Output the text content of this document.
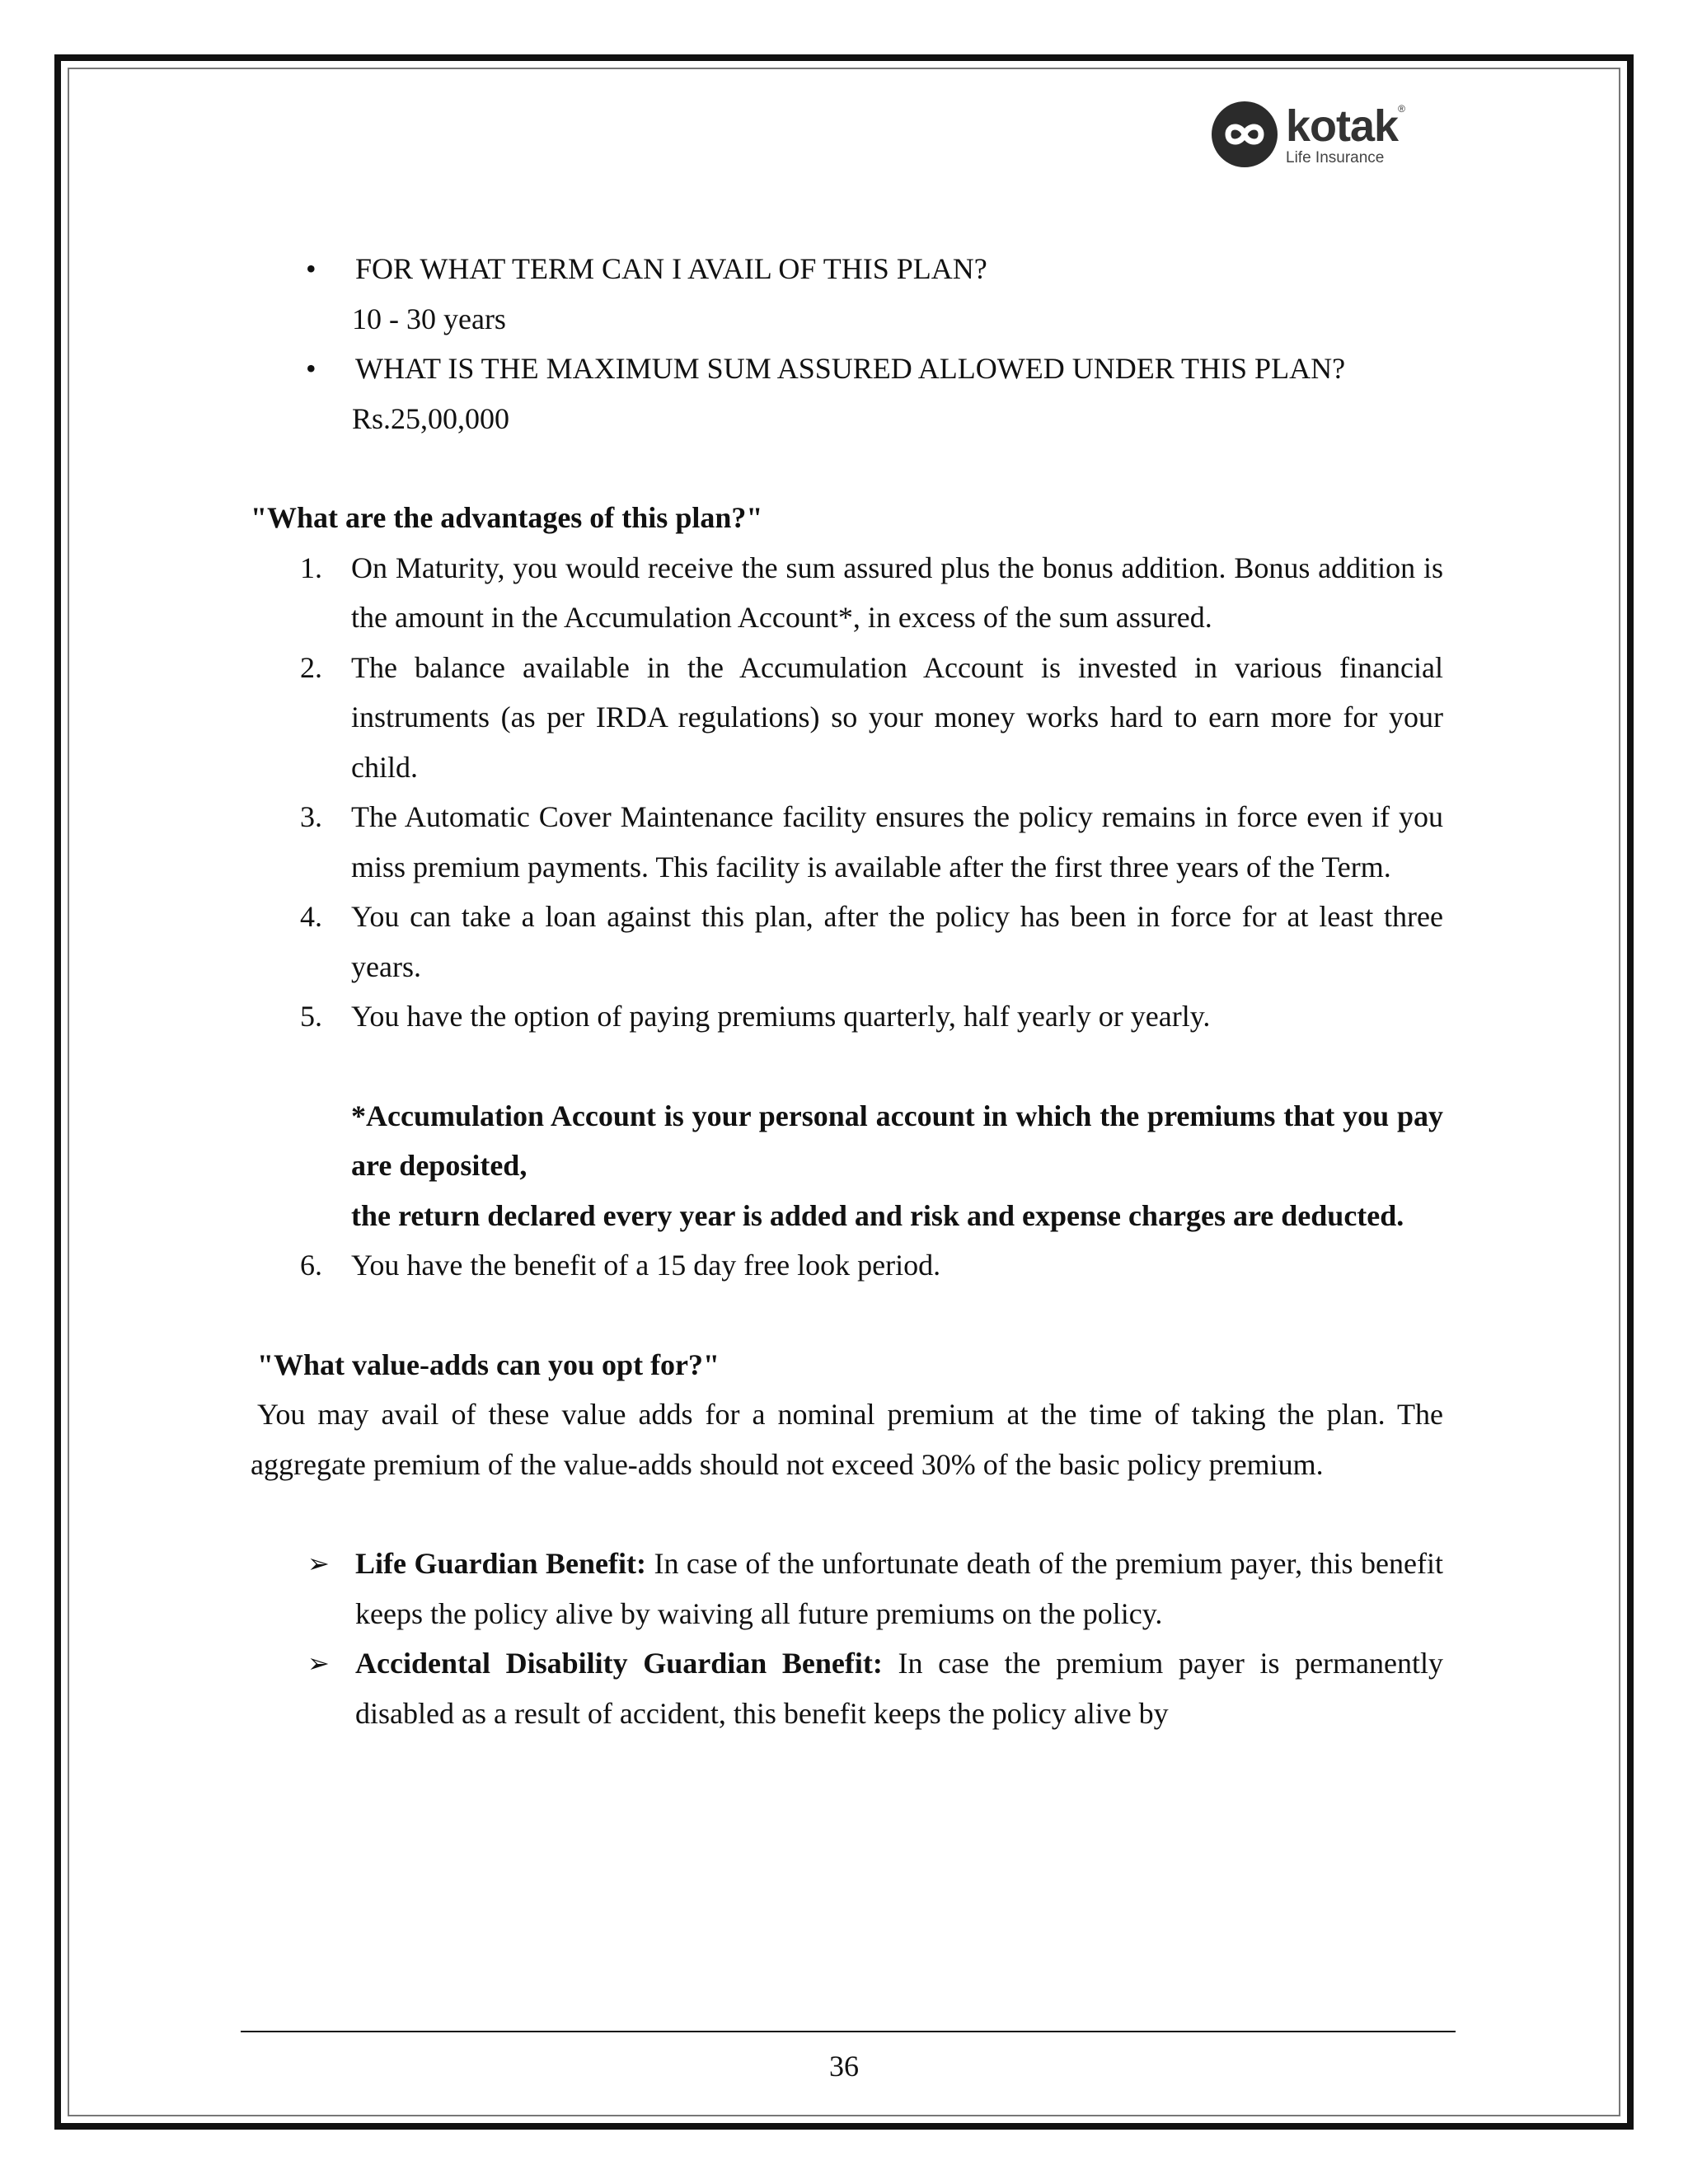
kotak®
Life Insurance
• FOR WHAT TERM CAN I AVAIL OF THIS PLAN?
10 - 30 years
• WHAT IS THE MAXIMUM SUM ASSURED ALLOWED UNDER THIS PLAN?
Rs.25,00,000

"What are the advantages of this plan?"

1. On Maturity, you would receive the sum assured plus the bonus addition. Bonus addition is the amount in the Accumulation Account*, in excess of the sum assured.
2. The balance available in the Accumulation Account is invested in various financial instruments (as per IRDA regulations) so your money works hard to earn more for your child.
3. The Automatic Cover Maintenance facility ensures the policy remains in force even if you miss premium payments. This facility is available after the first three years of the Term.
4. You can take a loan against this plan, after the policy has been in force for at least three years.
5. You have the option of paying premiums quarterly, half yearly or yearly.
*Accumulation Account is your personal account in which the premiums that you pay are deposited,
the return declared every year is added and risk and expense charges are deducted.
6. You have the benefit of a 15 day free look period.

"What value-adds can you opt for?"

You may avail of these value adds for a nominal premium at the time of taking the plan. The aggregate premium of the value-adds should not exceed 30% of the basic policy premium.

➢ Life Guardian Benefit: In case of the unfortunate death of the premium payer, this benefit keeps the policy alive by waiving all future premiums on the policy.
➢ Accidental Disability Guardian Benefit: In case the premium payer is permanently disabled as a result of accident, this benefit keeps the policy alive by
36
